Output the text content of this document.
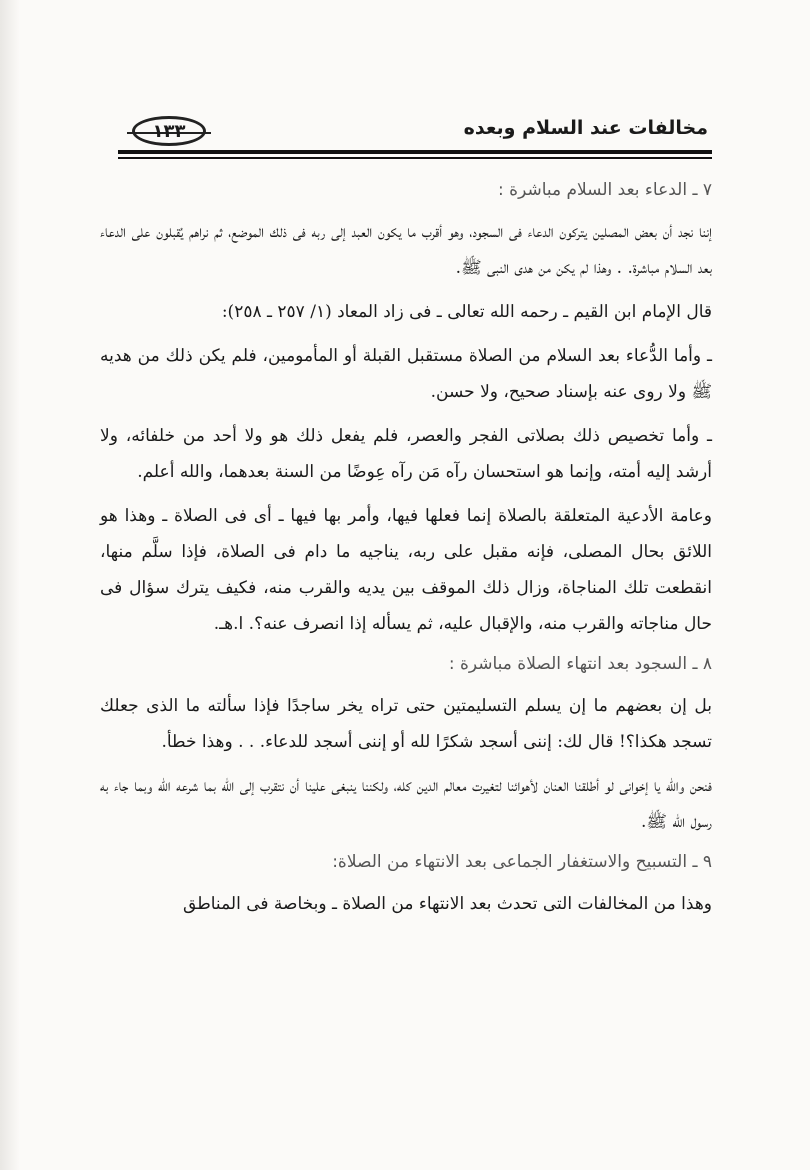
١٣٣	مخالفات عند السلام وبعده
٧ ـ الدعاء بعد السلام مباشرة :
إننا نجد أن بعض المصلين يتركون الدعاء فى السجود، وهو أقرب ما يكون العبد إلى ربه فى ذلك الموضع، ثم نراهم يُقبلون على الدعاء بعد السلام مباشرة. . وهذا لم يكن من هدى النبى ﷺ.
قال الإمام ابن القيم ـ رحمه الله تعالى ـ فى زاد المعاد (١/ ٢٥٧ ـ ٢٥٨):
ـ وأما الدُّعاء بعد السلام من الصلاة مستقبل القبلة أو المأمومين، فلم يكن ذلك من هديه ﷺ ولا روى عنه بإسناد صحيح، ولا حسن.
ـ وأما تخصيص ذلك بصلاتى الفجر والعصر، فلم يفعل ذلك هو ولا أحد من خلفائه، ولا أرشد إليه أمته، وإنما هو استحسان رآه مَن رآه عِوضًا من السنة بعدهما، والله أعلم.
وعامة الأدعية المتعلقة بالصلاة إنما فعلها فيها، وأمر بها فيها ـ أى فى الصلاة ـ وهذا هو اللائق بحال المصلى، فإنه مقبل على ربه، يناجيه ما دام فى الصلاة، فإذا سلَّم منها، انقطعت تلك المناجاة، وزال ذلك الموقف بين يديه والقرب منه، فكيف يترك سؤال فى حال مناجاته والقرب منه، والإقبال عليه، ثم يسأله إذا انصرف عنه؟. ا.هـ.
٨ ـ السجود بعد انتهاء الصلاة مباشرة :
بل إن بعضهم ما إن يسلم التسليمتين حتى تراه يخر ساجدًا فإذا سألته ما الذى جعلك تسجد هكذا؟! قال لك: إننى أسجد شكرًا لله أو إننى أسجد للدعاء. . . وهذا خطأ.
فنحن والله يا إخوانى لو أطلقنا العنان لأهوائنا لتغيرت معالم الدين كله، ولكننا ينبغى علينا أن نتقرب إلى الله بما شرعه الله وبما جاء به رسول الله ﷺ.
٩ ـ التسبيح والاستغفار الجماعى بعد الانتهاء من الصلاة:
وهذا من المخالفات التى تحدث بعد الانتهاء من الصلاة ـ وبخاصة فى المناطق
